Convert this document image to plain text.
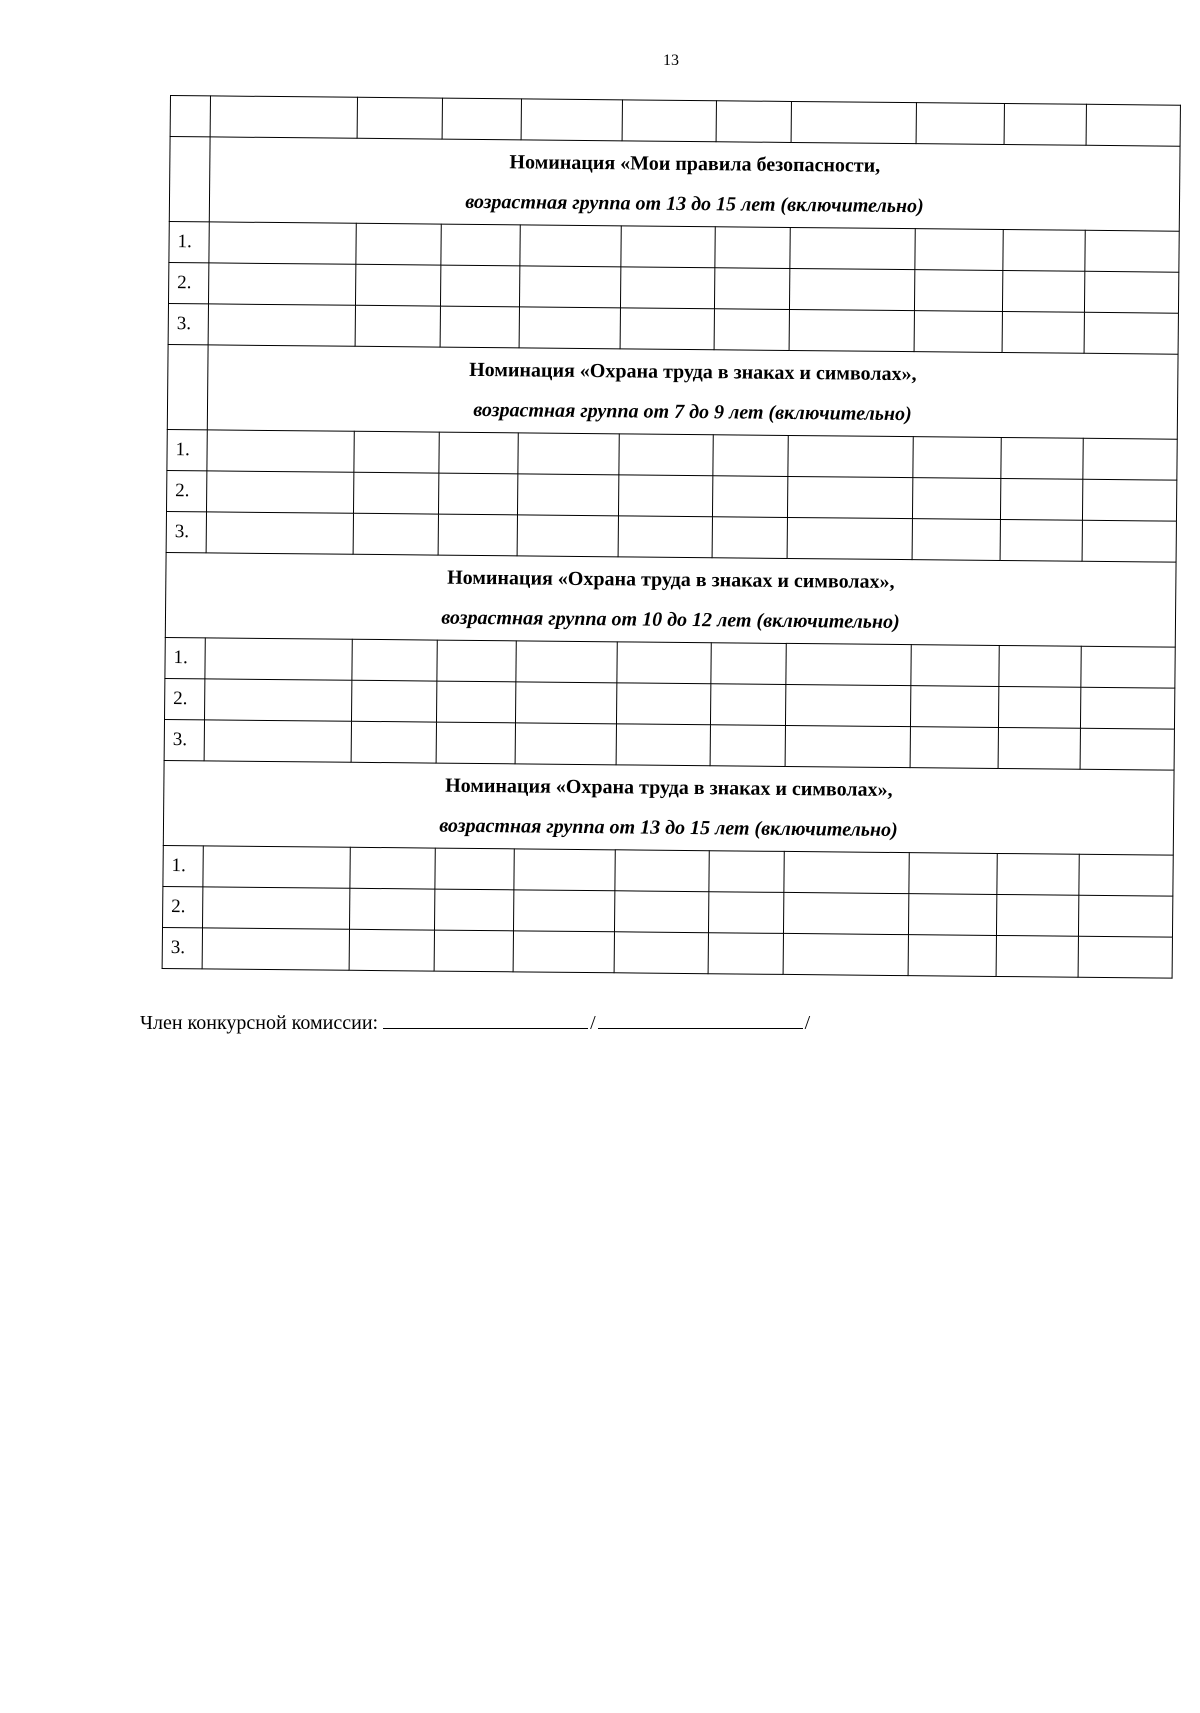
13

	Номинация «Мои правила безопасности,
возрастная группа от 13 до 15 лет (включительно)									

1.										
2.										
3.										

	Номинация «Охрана труда в знаках и символах»,
возрастная группа от 7 до 9 лет (включительно)									

1.										
2.										
3.										

Номинация «Охрана труда в знаках и символах»,
возрастная группа от 10 до 12 лет (включительно)										

1.										
2.										
3.										

Номинация «Охрана труда в знаках и символах»,
возрастная группа от 13 до 15 лет (включительно)										

1.										
2.										
3.										
Член конкурсной комиссии:	/	/
